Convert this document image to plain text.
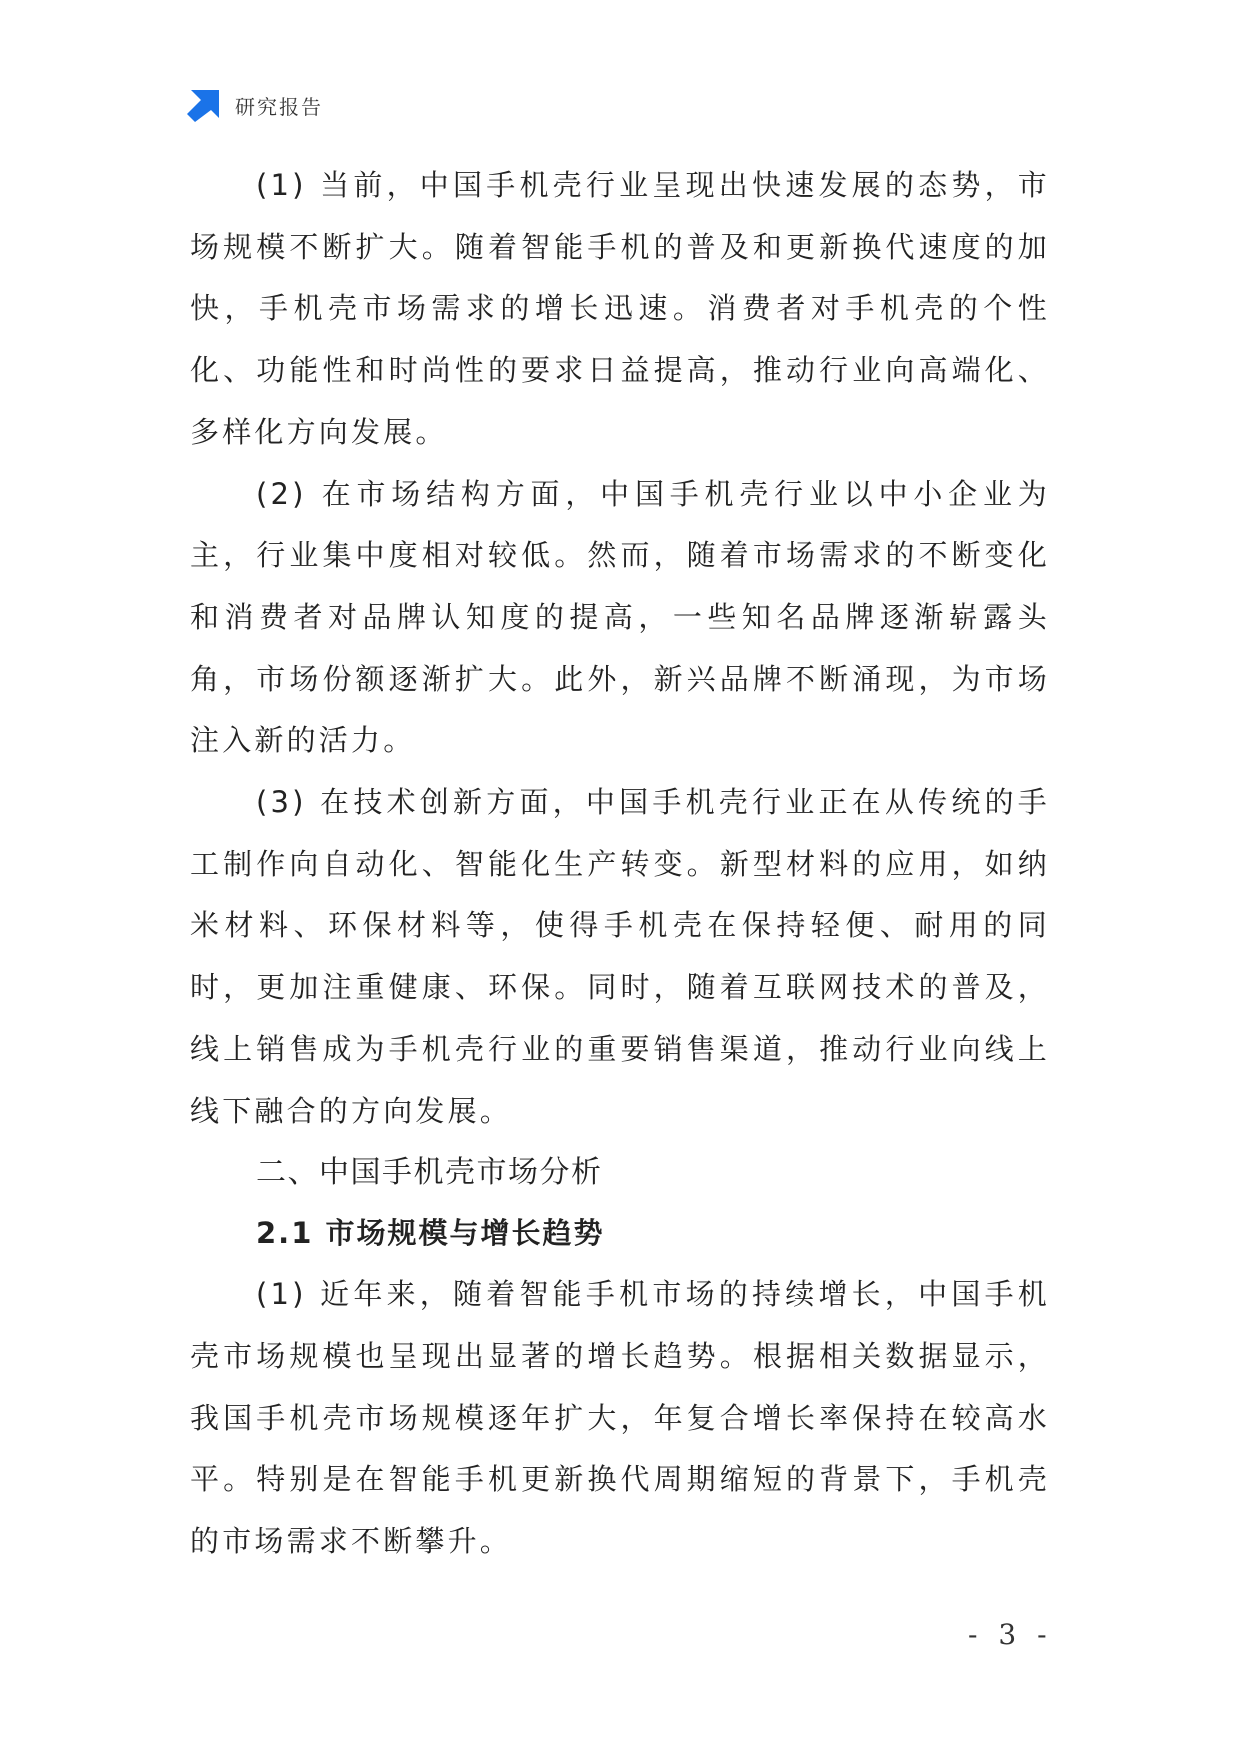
研究报告

(1) 当前，中国手机壳行业呈现出快速发展的态势，市场规模不断扩大。随着智能手机的普及和更新换代速度的加快，手机壳市场需求的增长迅速。消费者对手机壳的个性化、功能性和时尚性的要求日益提高，推动行业向高端化、多样化方向发展。

(2) 在市场结构方面，中国手机壳行业以中小企业为主，行业集中度相对较低。然而，随着市场需求的不断变化和消费者对品牌认知度的提高，一些知名品牌逐渐崭露头角，市场份额逐渐扩大。此外，新兴品牌不断涌现，为市场注入新的活力。

(3) 在技术创新方面，中国手机壳行业正在从传统的手工制作向自动化、智能化生产转变。新型材料的应用，如纳米材料、环保材料等，使得手机壳在保持轻便、耐用的同时，更加注重健康、环保。同时，随着互联网技术的普及，线上销售成为手机壳行业的重要销售渠道，推动行业向线上线下融合的方向发展。

二、中国手机壳市场分析
2.1 市场规模与增长趋势

(1) 近年来，随着智能手机市场的持续增长，中国手机壳市场规模也呈现出显著的增长趋势。根据相关数据显示，我国手机壳市场规模逐年扩大，年复合增长率保持在较高水平。特别是在智能手机更新换代周期缩短的背景下，手机壳的市场需求不断攀升。

- 3 -
